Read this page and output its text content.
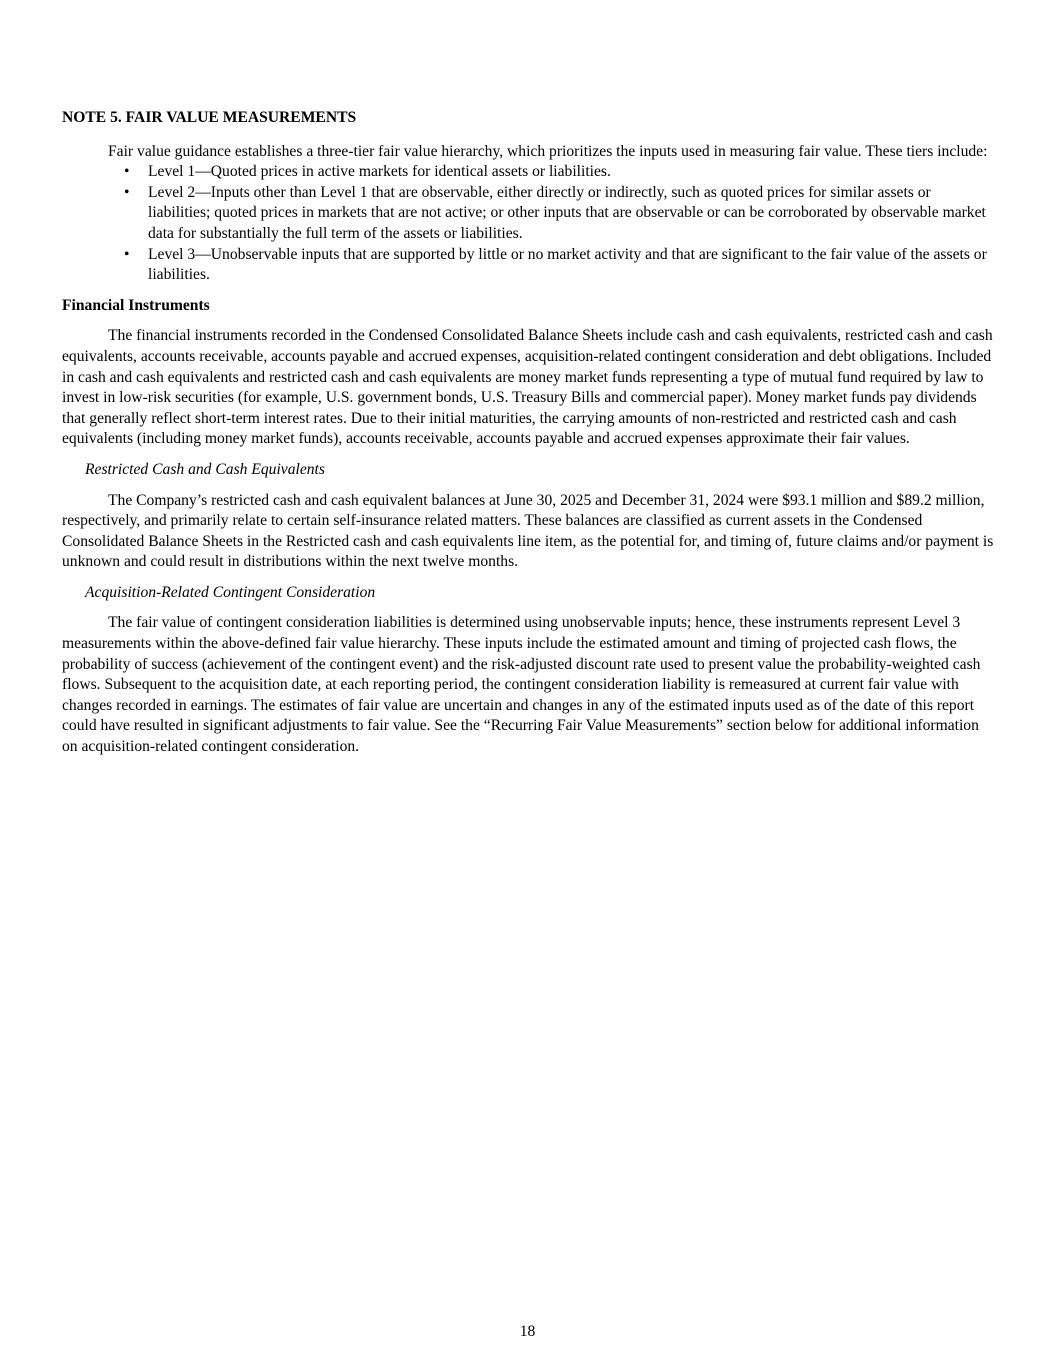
NOTE 5. FAIR VALUE MEASUREMENTS

Fair value guidance establishes a three-tier fair value hierarchy, which prioritizes the inputs used in measuring fair value. These tiers include:

• Level 1—Quoted prices in active markets for identical assets or liabilities.
• Level 2—Inputs other than Level 1 that are observable, either directly or indirectly, such as quoted prices for similar assets or liabilities; quoted prices in markets that are not active; or other inputs that are observable or can be corroborated by observable market data for substantially the full term of the assets or liabilities.
• Level 3—Unobservable inputs that are supported by little or no market activity and that are significant to the fair value of the assets or liabilities.

Financial Instruments

The financial instruments recorded in the Condensed Consolidated Balance Sheets include cash and cash equivalents, restricted cash and cash equivalents, accounts receivable, accounts payable and accrued expenses, acquisition-related contingent consideration and debt obligations. Included in cash and cash equivalents and restricted cash and cash equivalents are money market funds representing a type of mutual fund required by law to invest in low-risk securities (for example, U.S. government bonds, U.S. Treasury Bills and commercial paper). Money market funds pay dividends that generally reflect short-term interest rates. Due to their initial maturities, the carrying amounts of non-restricted and restricted cash and cash equivalents (including money market funds), accounts receivable, accounts payable and accrued expenses approximate their fair values.

Restricted Cash and Cash Equivalents

The Company’s restricted cash and cash equivalent balances at June 30, 2025 and December 31, 2024 were $93.1 million and $89.2 million, respectively, and primarily relate to certain self-insurance related matters. These balances are classified as current assets in the Condensed Consolidated Balance Sheets in the Restricted cash and cash equivalents line item, as the potential for, and timing of, future claims and/or payment is unknown and could result in distributions within the next twelve months.

Acquisition-Related Contingent Consideration

The fair value of contingent consideration liabilities is determined using unobservable inputs; hence, these instruments represent Level 3 measurements within the above-defined fair value hierarchy. These inputs include the estimated amount and timing of projected cash flows, the probability of success (achievement of the contingent event) and the risk-adjusted discount rate used to present value the probability-weighted cash flows. Subsequent to the acquisition date, at each reporting period, the contingent consideration liability is remeasured at current fair value with changes recorded in earnings. The estimates of fair value are uncertain and changes in any of the estimated inputs used as of the date of this report could have resulted in significant adjustments to fair value. See the “Recurring Fair Value Measurements” section below for additional information on acquisition-related contingent consideration.

18
